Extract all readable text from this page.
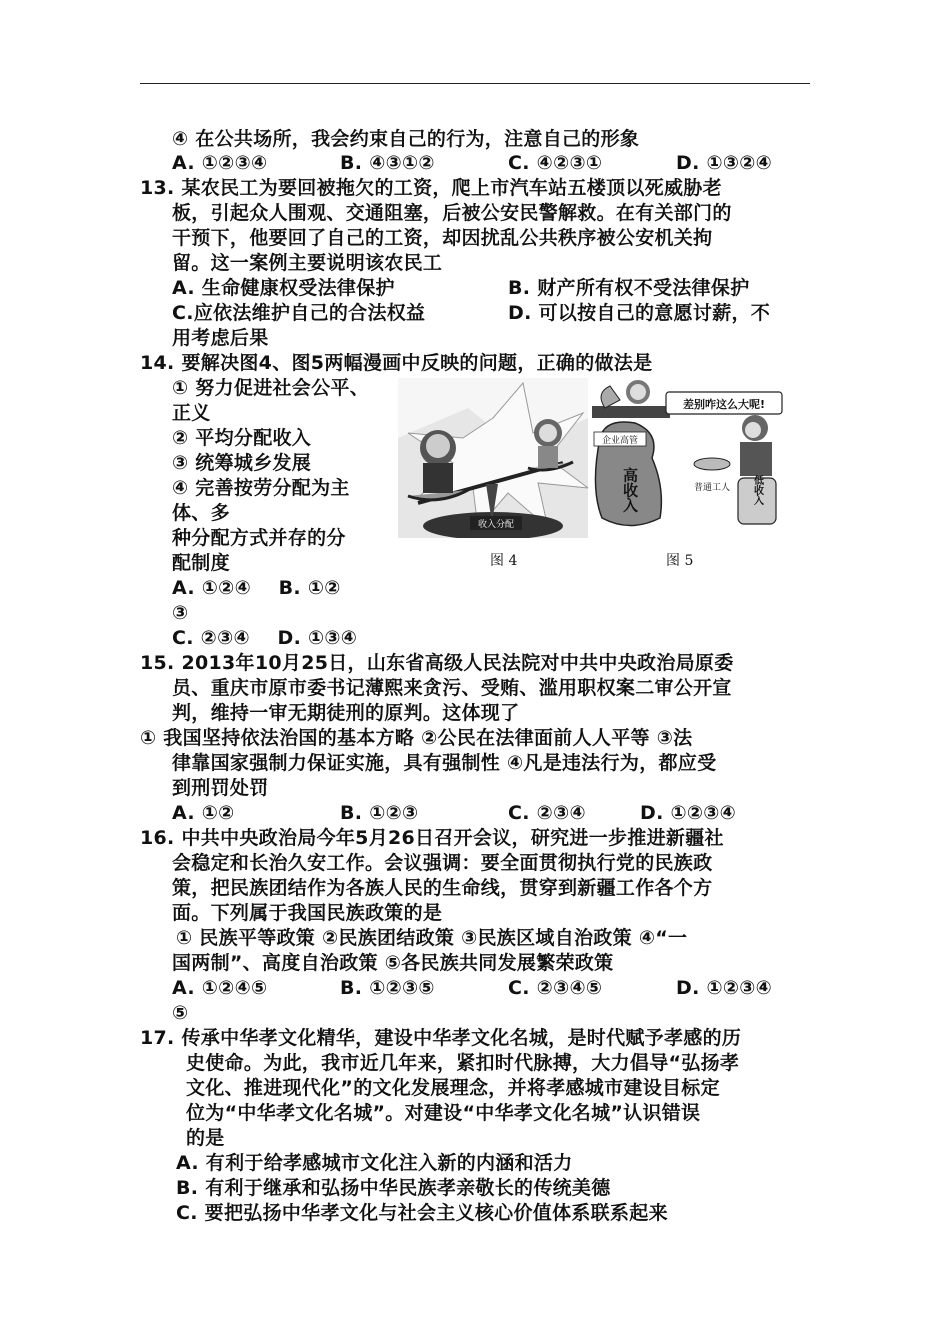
④ 在公共场所，我会约束自己的行为，注意自己的形象
A. ①②③④	B. ④③①②	C. ④②③①	D. ①③②④
13. 某农民工为要回被拖欠的工资，爬上市汽车站五楼顶以死威胁老
板，引起众人围观、交通阻塞，后被公安民警解救。在有关部门的
干预下，他要回了自己的工资，却因扰乱公共秩序被公安机关拘
留。这一案例主要说明该农民工
A. 生命健康权受法律保护	B. 财产所有权不受法律保护
C.应依法维护自己的合法权益	D. 可以按自己的意愿讨薪，不
用考虑后果
14. 要解决图4、图5两幅漫画中反映的问题，正确的做法是
① 努力促进社会公平、
正义
② 平均分配收入
③ 统筹城乡发展
④ 完善按劳分配为主
体、多
种分配方式并存的分
配制度
A. ①②④    B. ①②
③
C. ②③④    D. ①③④
收入分配
图 4
差别咋这么大呢!
企业高管
高收入	普通工人 低收入
图 5
15. 2013年10月25日，山东省高级人民法院对中共中央政治局原委
员、重庆市原市委书记薄熙来贪污、受贿、滥用职权案二审公开宣
判，维持一审无期徒刑的原判。这体现了
① 我国坚持依法治国的基本方略 ②公民在法律面前人人平等 ③法
律靠国家强制力保证实施，具有强制性 ④凡是违法行为，都应受
到刑罚处罚
A. ①②	B. ①②③	C. ②③④	D. ①②③④
16. 中共中央政治局今年5月26日召开会议，研究进一步推进新疆社
会稳定和长治久安工作。会议强调：要全面贯彻执行党的民族政
策，把民族团结作为各族人民的生命线，贯穿到新疆工作各个方
面。下列属于我国民族政策的是
① 民族平等政策 ②民族团结政策 ③民族区域自治政策 ④“一
国两制”、高度自治政策 ⑤各民族共同发展繁荣政策
A. ①②④⑤	B. ①②③⑤	C. ②③④⑤	D. ①②③④
⑤
17. 传承中华孝文化精华，建设中华孝文化名城，是时代赋予孝感的历
史使命。为此，我市近几年来，紧扣时代脉搏，大力倡导“弘扬孝
文化、推进现代化”的文化发展理念，并将孝感城市建设目标定
位为“中华孝文化名城”。对建设“中华孝文化名城”认识错误
的是
A. 有利于给孝感城市文化注入新的内涵和活力
B. 有利于继承和弘扬中华民族孝亲敬长的传统美德
C. 要把弘扬中华孝文化与社会主义核心价值体系联系起来
